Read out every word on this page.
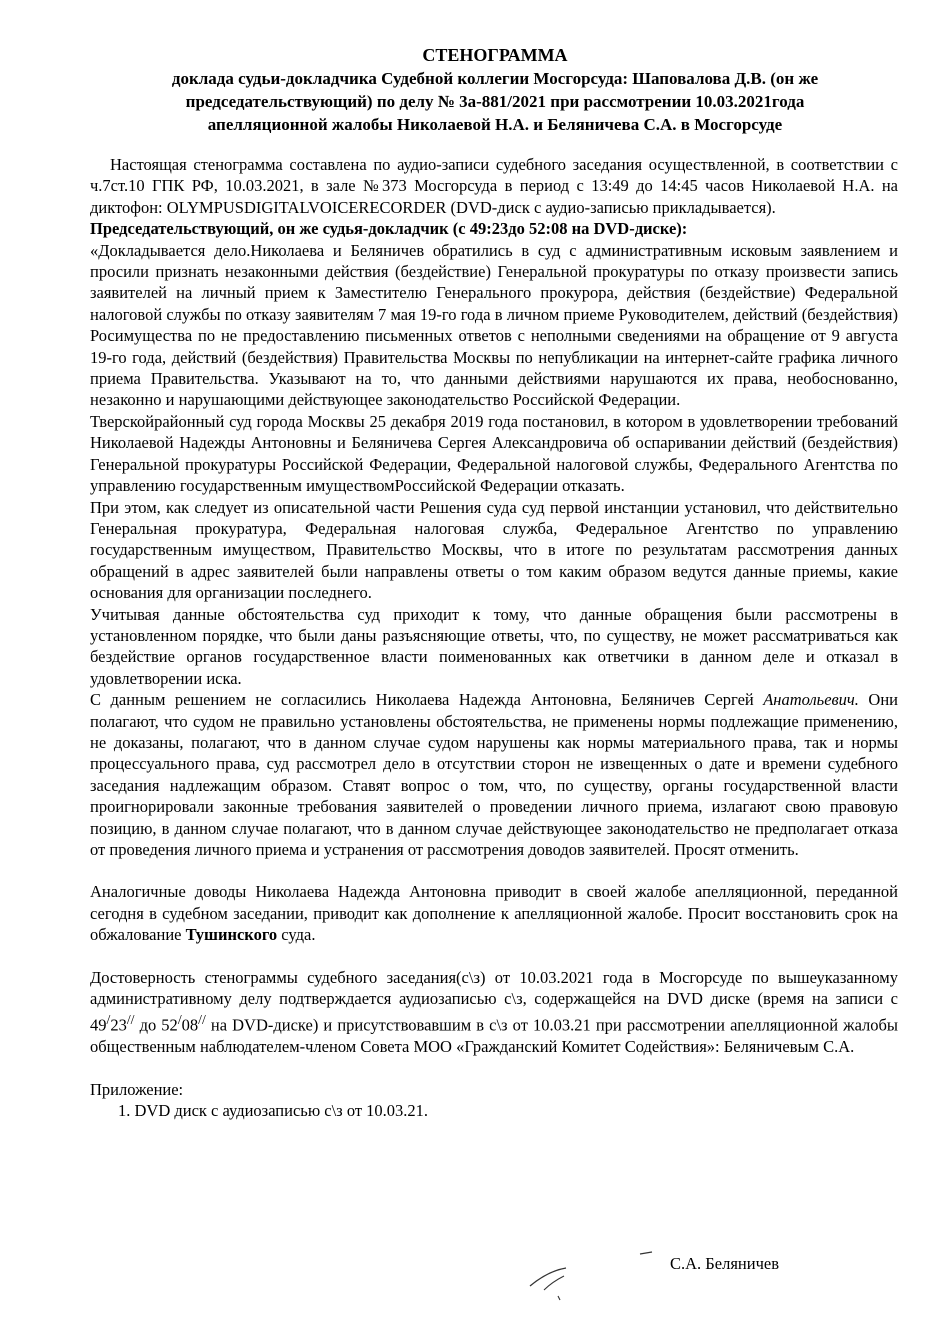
СТЕНОГРАММА
доклада судьи-докладчика Судебной коллегии Мосгорсуда: Шаповалова Д.В. (он же
председательствующий) по делу № 3а-881/2021 при рассмотрении 10.03.2021года
апелляционной жалобы Николаевой Н.А. и Беляничева С.А. в Мосгорсуде

Настоящая стенограмма составлена по аудио-записи судебного заседания осуществленной, в соответствии с ч.7ст.10 ГПК РФ, 10.03.2021, в зале №373 Мосгорсуда в период с 13:49 до 14:45 часов Николаевой Н.А. на диктофон: OLYMPUSDIGITALVOICERECORDER (DVD-диск с аудио-записью прикладывается).

Председательствующий, он же судья-докладчик (с 49:23до 52:08 на DVD-диске):

«Докладывается дело.Николаева и Беляничев обратились в суд с административным исковым заявлением и просили признать незаконными действия (бездействие) Генеральной прокуратуры по отказу произвести запись заявителей на личный прием к Заместителю Генерального прокурора, действия (бездействие) Федеральной налоговой службы по отказу заявителям 7 мая 19-го года в личном приеме Руководителем, действий (бездействия) Росимущества по не предоставлению письменных ответов с неполными сведениями на обращение от 9 августа 19-го года, действий (бездействия) Правительства Москвы по непубликации на интернет-сайте графика личного приема Правительства. Указывают на то, что данными действиями нарушаются их права, необоснованно, незаконно и нарушающими действующее законодательство Российской Федерации.

Тверскойрайонный суд города Москвы 25 декабря 2019 года постановил, в котором в удовлетворении требований Николаевой Надежды Антоновны и Беляничева Сергея Александровича об оспаривании действий (бездействия) Генеральной прокуратуры Российской Федерации, Федеральной налоговой службы, Федерального Агентства по управлению государственным имуществомРоссийской Федерации отказать.

При этом, как следует из описательной части Решения суда суд первой инстанции установил, что действительно Генеральная прокуратура, Федеральная налоговая служба, Федеральное Агентство по управлению государственным имуществом, Правительство Москвы, что в итоге по результатам рассмотрения данных обращений в адрес заявителей были направлены ответы о том каким образом ведутся данные приемы, какие основания для организации последнего.

Учитывая данные обстоятельства суд приходит к тому, что данные обращения были рассмотрены в установленном порядке, что были даны разъясняющие ответы, что, по существу, не может рассматриваться как бездействие органов государственное власти поименованных как ответчики в данном деле и отказал в удовлетворении иска.

С данным решением не согласились Николаева Надежда Антоновна, Беляничев Сергей Анатольевич. Они полагают, что судом не правильно установлены обстоятельства, не применены нормы подлежащие применению, не доказаны, полагают, что в данном случае судом нарушены как нормы материального права, так и нормы процессуального права, суд рассмотрел дело в отсутствии сторон не извещенных о дате и времени судебного заседания надлежащим образом. Ставят вопрос о том, что, по существу, органы государственной власти проигнорировали законные требования заявителей о проведении личного приема, излагают свою правовую позицию, в данном случае полагают, что в данном случае действующее законодательство не предполагает отказа от проведения личного приема и устранения от рассмотрения доводов заявителей. Просят отменить.

Аналогичные доводы Николаева Надежда Антоновна приводит в своей жалобе апелляционной, переданной сегодня в судебном заседании, приводит как дополнение к апелляционной жалобе. Просит восстановить срок на обжалование Тушинского суда.

Достоверность стенограммы судебного заседания(с\з) от 10.03.2021 года в Мосгорсуде по вышеуказанному административному делу подтверждается аудиозаписью с\з, содержащейся на DVD диске (время на записи с 49/23// до 52/08// на DVD-диске) и присутствовавшим в с\з от 10.03.21 при рассмотрении апелляционной жалобы общественным наблюдателем-членом Совета МОО «Гражданский Комитет Содействия»: Беляничевым С.А.

Приложение:

1. DVD диск с аудиозаписью с\з от 10.03.21.

С.А. Беляничев
